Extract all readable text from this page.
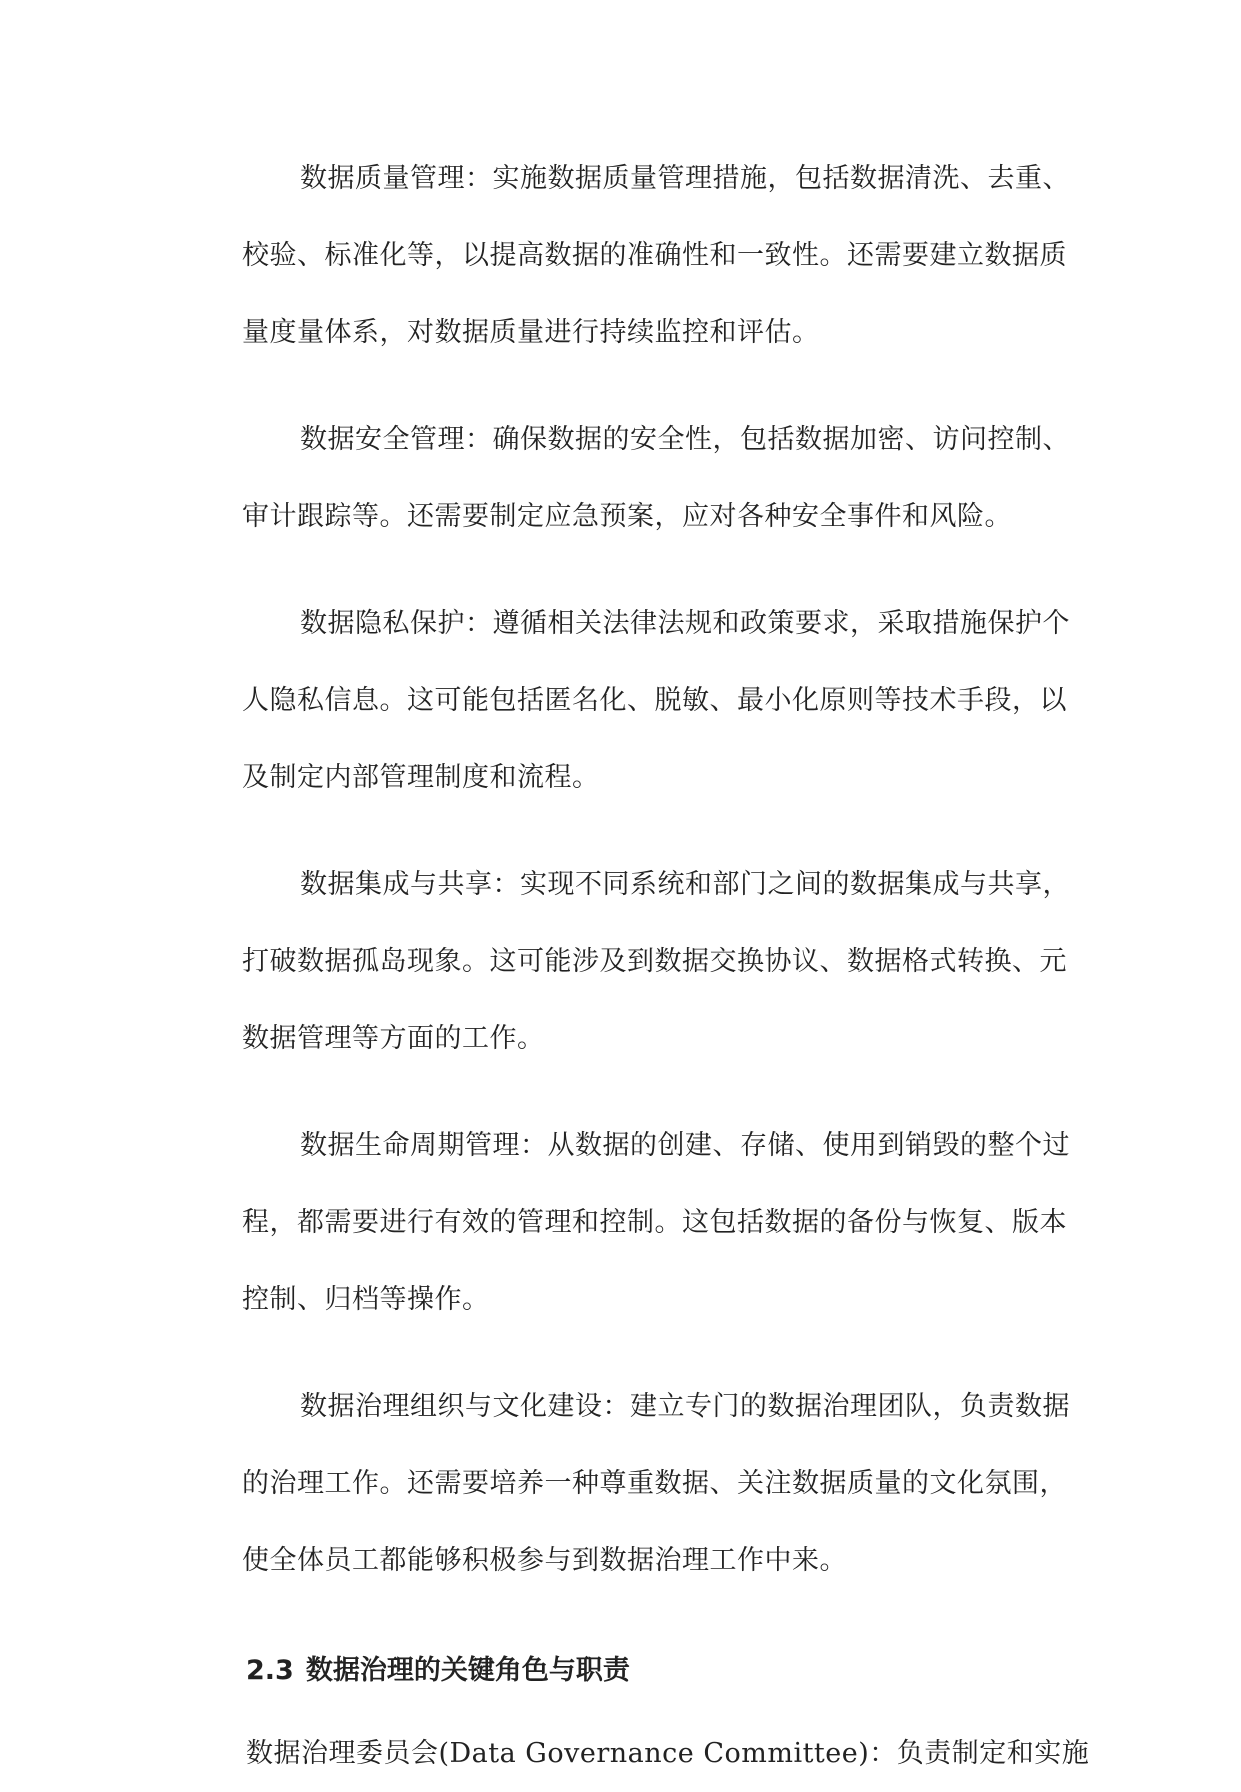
数据质量管理：实施数据质量管理措施，包括数据清洗、去重、
校验、标准化等，以提高数据的准确性和一致性。还需要建立数据质
量度量体系，对数据质量进行持续监控和评估。
数据安全管理：确保数据的安全性，包括数据加密、访问控制、
审计跟踪等。还需要制定应急预案，应对各种安全事件和风险。
数据隐私保护：遵循相关法律法规和政策要求，采取措施保护个
人隐私信息。这可能包括匿名化、脱敏、最小化原则等技术手段，以
及制定内部管理制度和流程。
数据集成与共享：实现不同系统和部门之间的数据集成与共享，
打破数据孤岛现象。这可能涉及到数据交换协议、数据格式转换、元
数据管理等方面的工作。
数据生命周期管理：从数据的创建、存储、使用到销毁的整个过
程，都需要进行有效的管理和控制。这包括数据的备份与恢复、版本
控制、归档等操作。
数据治理组织与文化建设：建立专门的数据治理团队，负责数据
的治理工作。还需要培养一种尊重数据、关注数据质量的文化氛围，
使全体员工都能够积极参与到数据治理工作中来。
2.3 数据治理的关键角色与职责
数据治理委员会(Data Governance Committee)：负责制定和实施
